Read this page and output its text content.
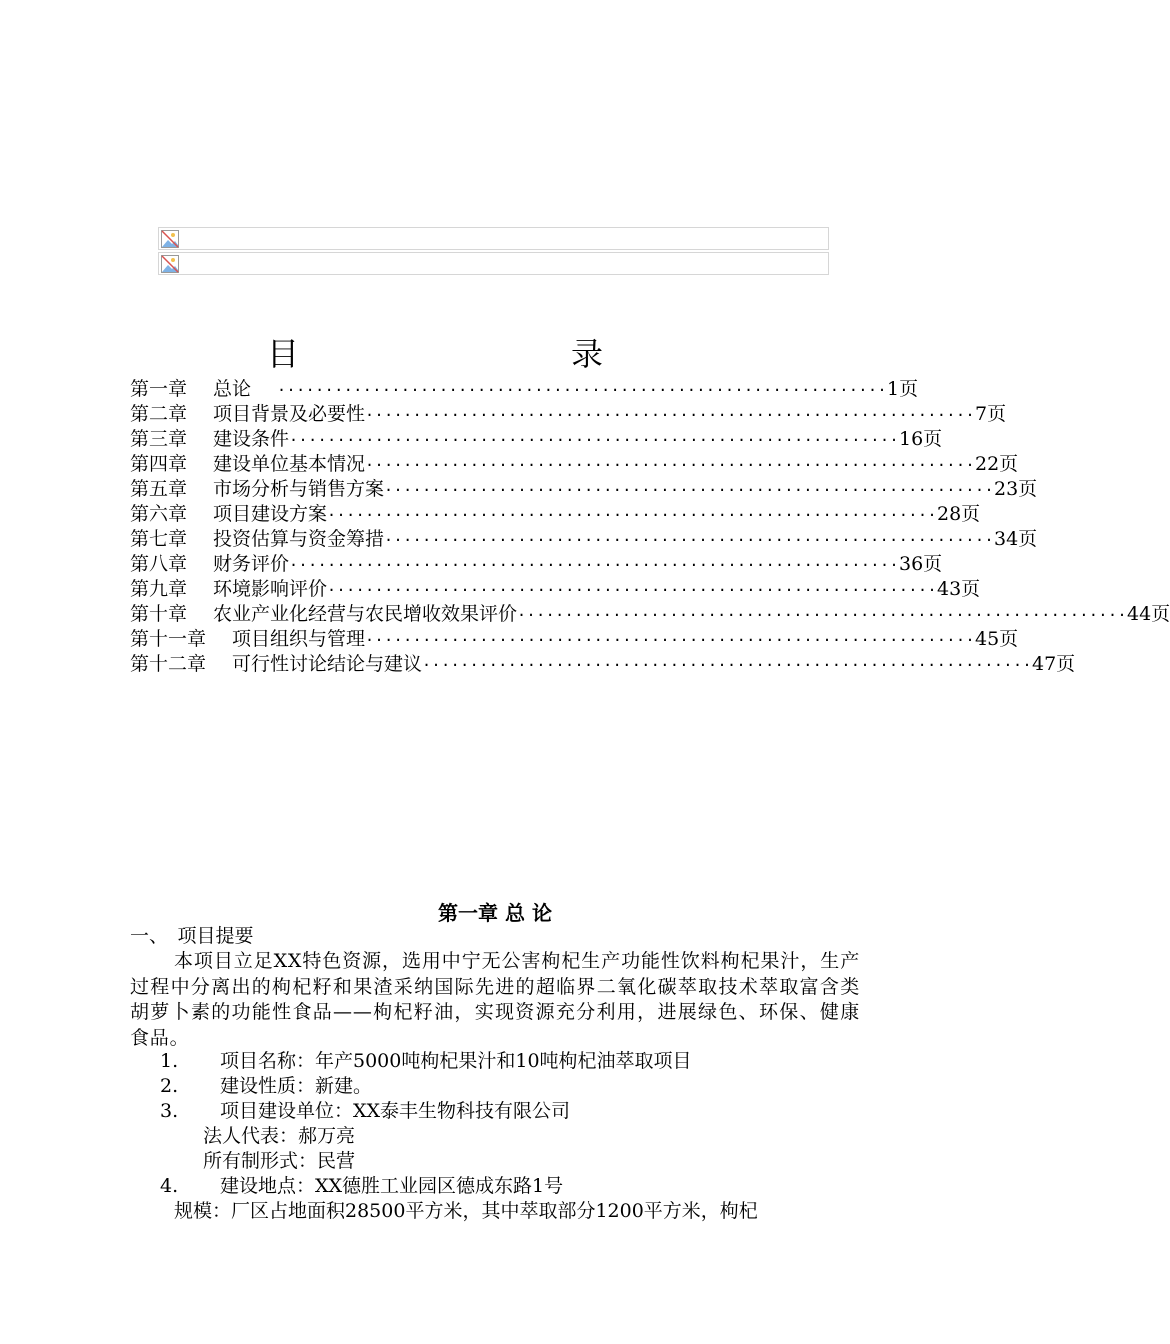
目　录
第一章 总论 ································································ 1页
第二章 项目背景及必要性 ································································ 7页
第三章 建设条件 ································································ 16页
第四章 建设单位基本情况 ································································ 22页
第五章 市场分析与销售方案 ································································ 23页
第六章 项目建设方案 ································································ 28页
第七章 投资估算与资金筹措 ································································ 34页
第八章 财务评价 ································································ 36页
第九章 环境影响评价 ································································ 43页
第十章 农业产业化经营与农民增收效果评价 ································································ 44页
第十一章 项目组织与管理 ································································ 45页
第十二章 可行性讨论结论与建议 ································································ 47页
第一章 总 论
一、　项目提要
本项目立足XX特色资源，选用中宁无公害枸杞生产功能性饮料枸杞果汁，生产过程中分离出的枸杞籽和果渣采纳国际先进的超临界二氧化碳萃取技术萃取富含类胡萝卜素的功能性食品——枸杞籽油，实现资源充分利用，进展绿色、环保、健康食品。
1. 项目名称：年产5000吨枸杞果汁和10吨枸杞油萃取项目
2. 建设性质：新建。
3. 项目建设单位：XX泰丰生物科技有限公司
法人代表：郝万亮
所有制形式：民营
4. 建设地点：XX德胜工业园区德成东路1号
规模：厂区占地面积28500平方米，其中萃取部分1200平方米，枸杞
